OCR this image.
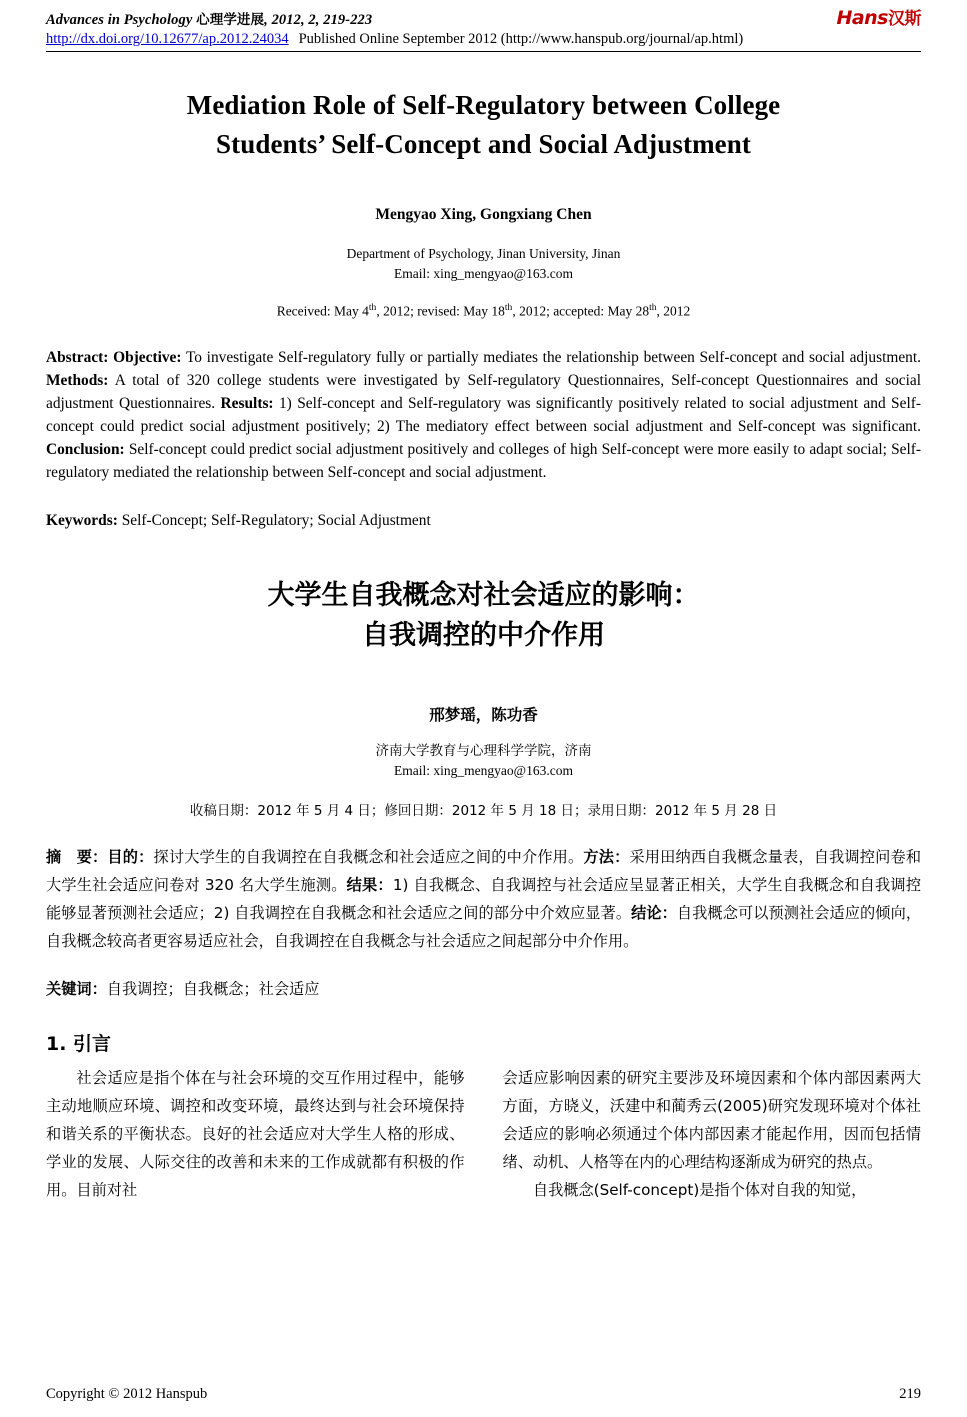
Advances in Psychology 心理学进展, 2012, 2, 219-223
http://dx.doi.org/10.12677/ap.2012.24034 Published Online September 2012 (http://www.hanspub.org/journal/ap.html)
Hans汉斯
Mediation Role of Self-Regulatory between College
Students’ Self-Concept and Social Adjustment
Mengyao Xing, Gongxiang Chen
Department of Psychology, Jinan University, Jinan
Email: xing_mengyao@163.com
Received: May 4th, 2012; revised: May 18th, 2012; accepted: May 28th, 2012
Abstract: Objective: To investigate Self-regulatory fully or partially mediates the relationship between Self-concept and social adjustment. Methods: A total of 320 college students were investigated by Self-regulatory Questionnaires, Self-concept Questionnaires and social adjustment Questionnaires. Results: 1) Self-concept and Self-regulatory was significantly positively related to social adjustment and Self-concept could predict social adjustment positively; 2) The mediatory effect between social adjustment and Self-concept was significant. Conclusion: Self-concept could predict social adjustment positively and colleges of high Self-concept were more easily to adapt social; Self-regulatory mediated the relationship between Self-concept and social adjustment.
Keywords: Self-Concept; Self-Regulatory; Social Adjustment
大学生自我概念对社会适应的影响：
自我调控的中介作用
邢梦瑶，陈功香
济南大学教育与心理科学学院，济南
Email: xing_mengyao@163.com
收稿日期：2012 年 5 月 4 日；修回日期：2012 年 5 月 18 日；录用日期：2012 年 5 月 28 日
摘　要：目的：探讨大学生的自我调控在自我概念和社会适应之间的中介作用。方法：采用田纳西自我概念量表，自我调控问卷和大学生社会适应问卷对 320 名大学生施测。结果：1) 自我概念、自我调控与社会适应呈显著正相关，大学生自我概念和自我调控能够显著预测社会适应；2) 自我调控在自我概念和社会适应之间的部分中介效应显著。结论：自我概念可以预测社会适应的倾向，自我概念较高者更容易适应社会，自我调控在自我概念与社会适应之间起部分中介作用。
关键词：自我调控；自我概念；社会适应
1. 引言

社会适应是指个体在与社会环境的交互作用过程中，能够主动地顺应环境、调控和改变环境，最终达到与社会环境保持和谐关系的平衡状态。良好的社会适应对大学生人格的形成、学业的发展、人际交往的改善和未来的工作成就都有积极的作用。目前对社

会适应影响因素的研究主要涉及环境因素和个体内部因素两大方面，方晓义，沃建中和蔺秀云(2005)研究发现环境对个体社会适应的影响必须通过个体内部因素才能起作用，因而包括情绪、动机、人格等在内的心理结构逐渐成为研究的热点。

自我概念(Self-concept)是指个体对自我的知觉，

Copyright © 2012 Hanspub	219
